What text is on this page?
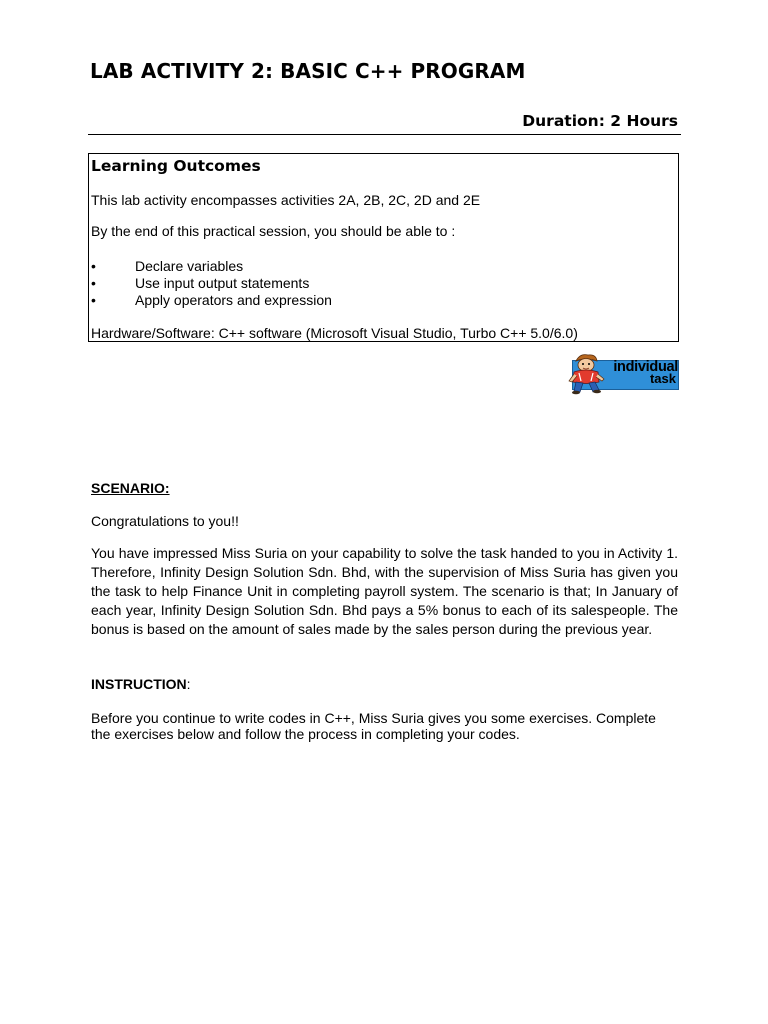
LAB ACTIVITY 2: BASIC C++ PROGRAM
Duration: 2 Hours
Learning Outcomes
This lab activity encompasses activities 2A, 2B, 2C, 2D and 2E
By the end of this practical session, you should be able to :
•	Declare variables
•	Use input output statements
•	Apply operators and expression
Hardware/Software: C++ software (Microsoft Visual Studio, Turbo C++ 5.0/6.0)
individual
task
SCENARIO:
Congratulations to you!!

You have impressed Miss Suria on your capability to solve the task handed to you in Activity 1. Therefore, Infinity Design Solution Sdn. Bhd, with the supervision of Miss Suria has given you the task to help Finance Unit in completing payroll system. The scenario is that; In January of each year, Infinity Design Solution Sdn. Bhd pays a 5% bonus to each of its salespeople. The bonus is based on the amount of sales made by the sales person during the previous year.

INSTRUCTION:

Before you continue to write codes in C++, Miss Suria gives you some exercises. Complete the exercises below and follow the process in completing your codes.
